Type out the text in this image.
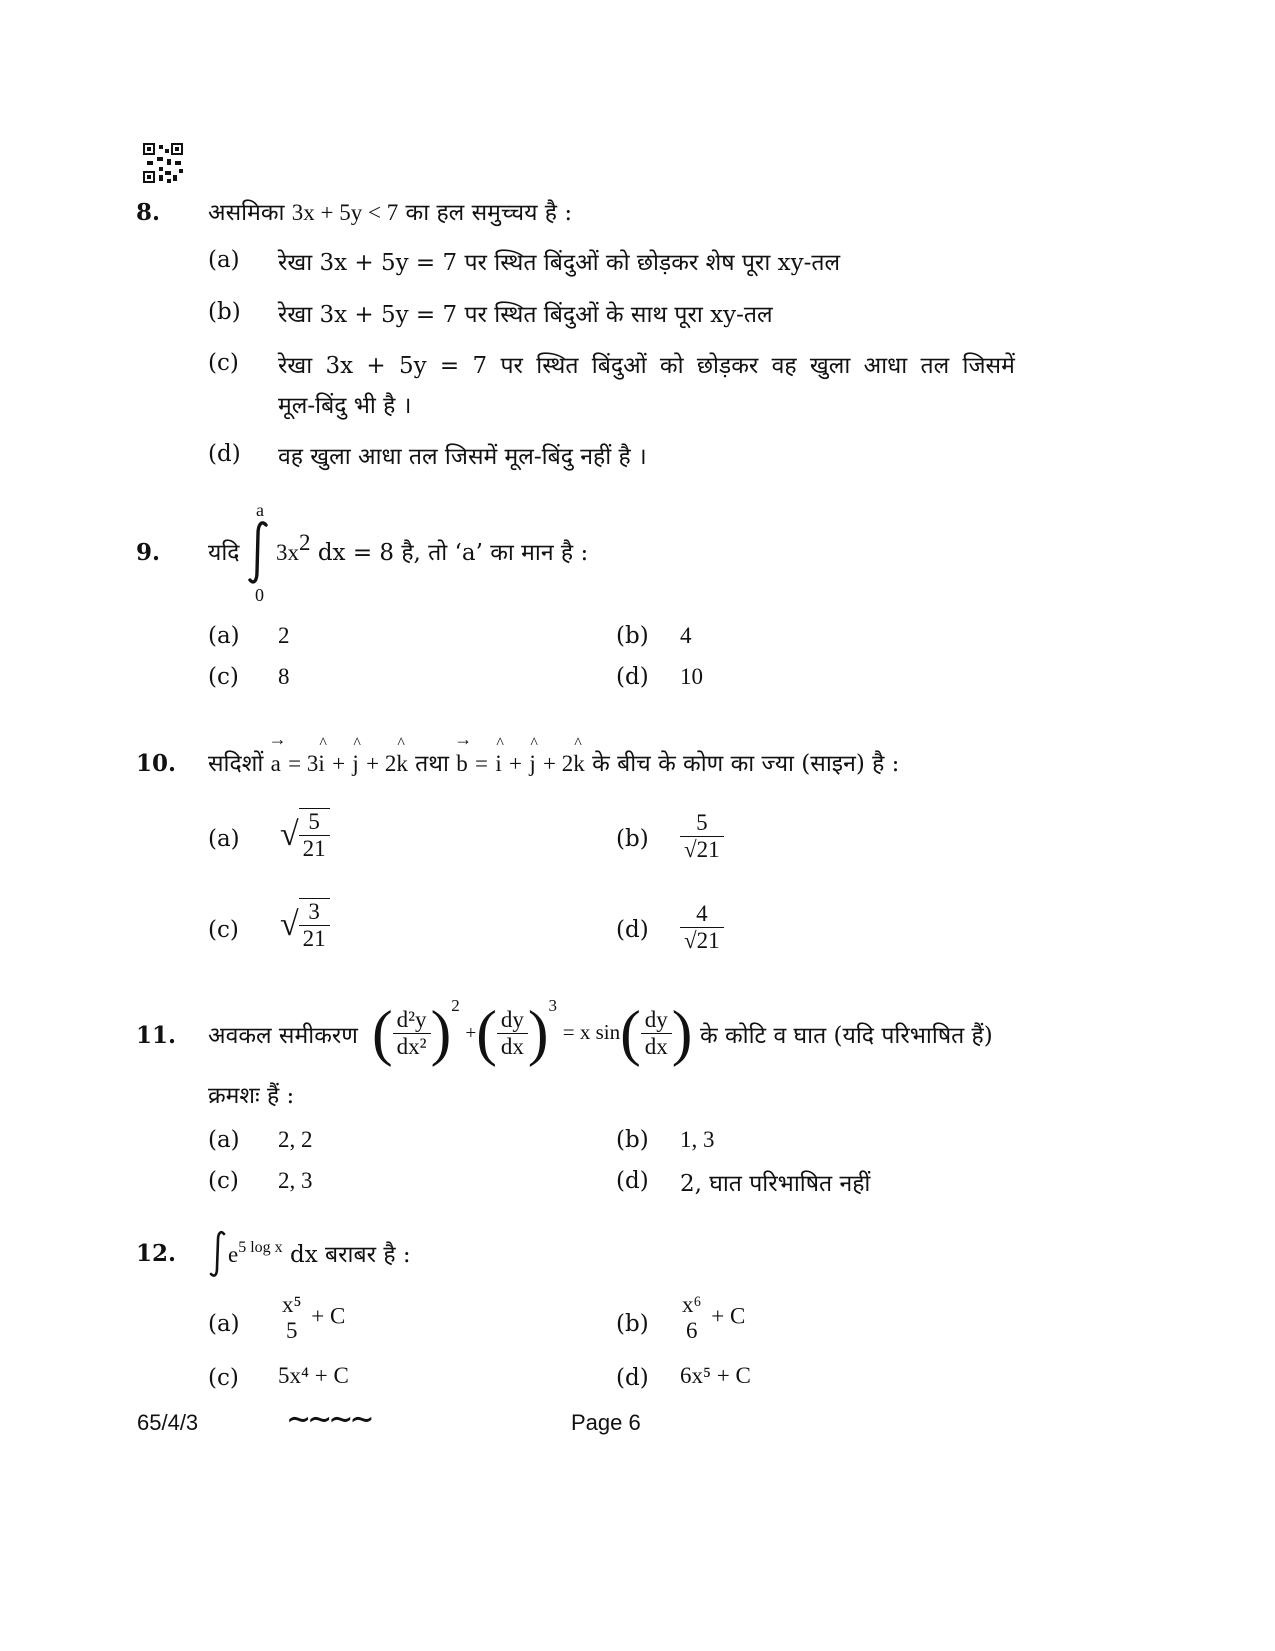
8. असमिका 3x + 5y < 7 का हल समुच्चय है :
(a) रेखा 3x + 5y = 7 पर स्थित बिंदुओं को छोड़कर शेष पूरा xy-तल
(b) रेखा 3x + 5y = 7 पर स्थित बिंदुओं के साथ पूरा xy-तल
(c) रेखा 3x + 5y = 7 पर स्थित बिंदुओं को छोड़कर वह खुला आधा तल जिसमें
मूल-बिंदु भी है ।
(d) वह खुला आधा तल जिसमें मूल-बिंदु नहीं है ।
9. यदि
a
0
$3x^2$ dx = 8 है, तो ‘a’ का मान है :
(a) 2	(b) 4
(c) 8	(d) 10
10. सदिशों
→
a = 3
^
i +
^
j + 2
^
k तथा
→
b =
^
i +
^
j + 2
^
k के बीच के कोण का ज्या (साइन) है :
(a) √ $\frac{5}{21}$	$(b) \frac{5}{√21}$
(c) √ $\frac{3}{21}$	$(d) \frac{4}{√21}$
11. अवकल समीकरण ( $\frac{\text{d²y}}{\text{dx²}} )^2$ +( $\frac{dy}{dx} )^3 = x$ $\sin( \frac{dy}{dx}$ ) के कोटि व घात (यदि परिभाषित हैं)
क्रमशः हैं :
(a) 2, 2	(b) 1, 3
(c) 2, 3	(d) 2, घात परिभाषित नहीं
12. $e^{5 log x}$ dx बराबर है :
(a)
x⁵
5
+ C	(b)
x⁶
6
+ C
(c) 5x⁴ + C	(d) 6x⁵ + C
65/4/3	∼∼∼∼	Page 6
